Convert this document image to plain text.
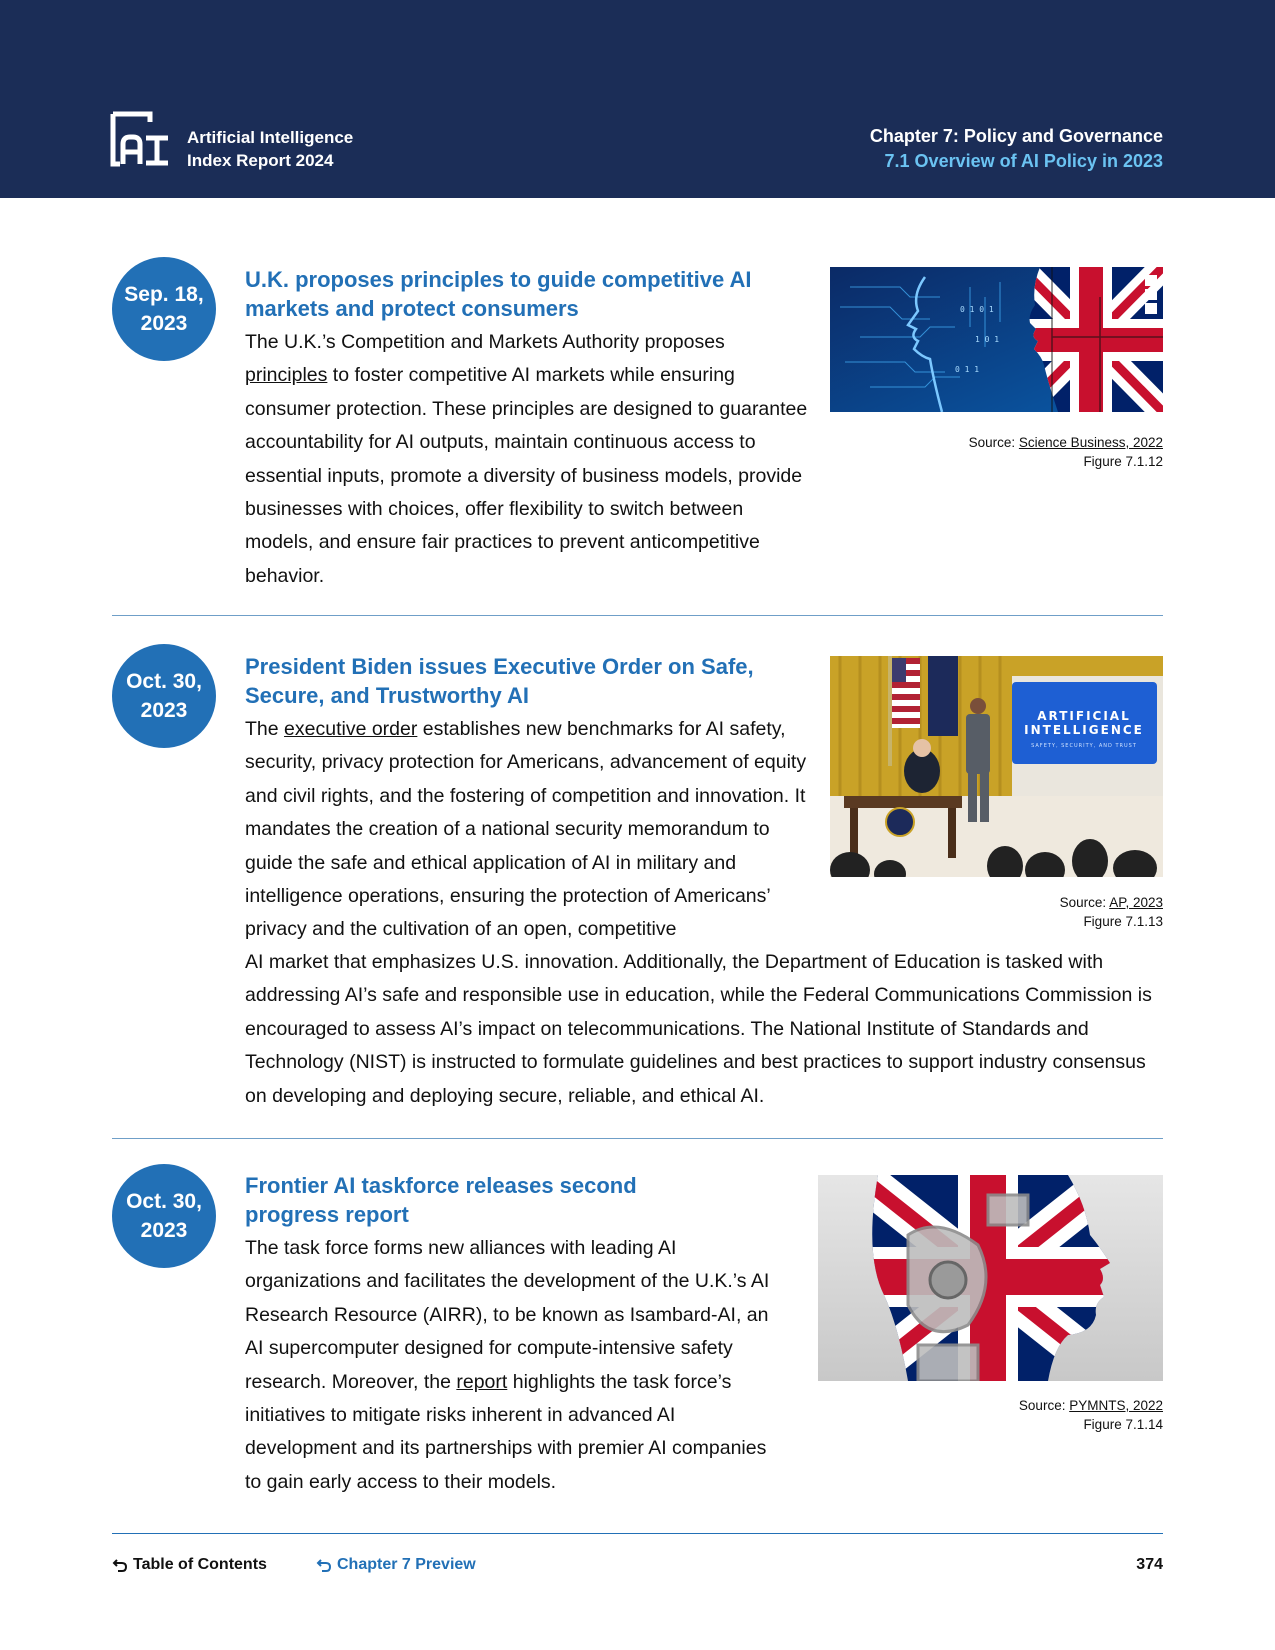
Artificial Intelligence
Index Report 2024
Chapter 7: Policy and Governance
7.1 Overview of AI Policy in 2023
Sep. 18,
2023
U.K. proposes principles to guide competitive AI markets and protect consumers

The U.K.’s Competition and Markets Authority proposes principles to foster competitive AI markets while ensuring consumer protection. These principles are designed to guarantee accountability for AI outputs, maintain continuous access to essential inputs, promote a diversity of business models, provide businesses with choices, offer flexibility to switch between models, and ensure fair practices to prevent anticompetitive behavior.

0 1 0 1
1 0 1
0 1 1
Source: Science Business, 2022
Figure 7.1.12
Oct. 30,
2023
President Biden issues Executive Order on Safe, Secure, and Trustworthy AI

The executive order establishes new benchmarks for AI safety, security, privacy protection for Americans, advancement of equity and civil rights, and the fostering of competition and innovation. It mandates the creation of a national security memorandum to guide the safe and ethical application of AI in military and intelligence operations, ensuring the protection of Americans’ privacy and the cultivation of an open, competitive

AI market that emphasizes U.S. innovation. Additionally, the Department of Education is tasked with addressing AI’s safe and responsible use in education, while the Federal Communications Commission is encouraged to assess AI’s impact on telecommunications. The National Institute of Standards and Technology (NIST) is instructed to formulate guidelines and best practices to support industry consensus on developing and deploying secure, reliable, and ethical AI.

ARTIFICIAL
INTELLIGENCE
SAFETY, SECURITY, AND TRUST
Source: AP, 2023
Figure 7.1.13
Oct. 30,
2023
Frontier AI taskforce releases second progress report

The task force forms new alliances with leading AI organizations and facilitates the development of the U.K.’s AI Research Resource (AIRR), to be known as Isambard-AI, an AI supercomputer designed for compute-intensive safety research. Moreover, the report highlights the task force’s initiatives to mitigate risks inherent in advanced AI development and its partnerships with premier AI companies to gain early access to their models.

Source: PYMNTS, 2022
Figure 7.1.14
Table of Contents	Chapter 7 Preview	374
